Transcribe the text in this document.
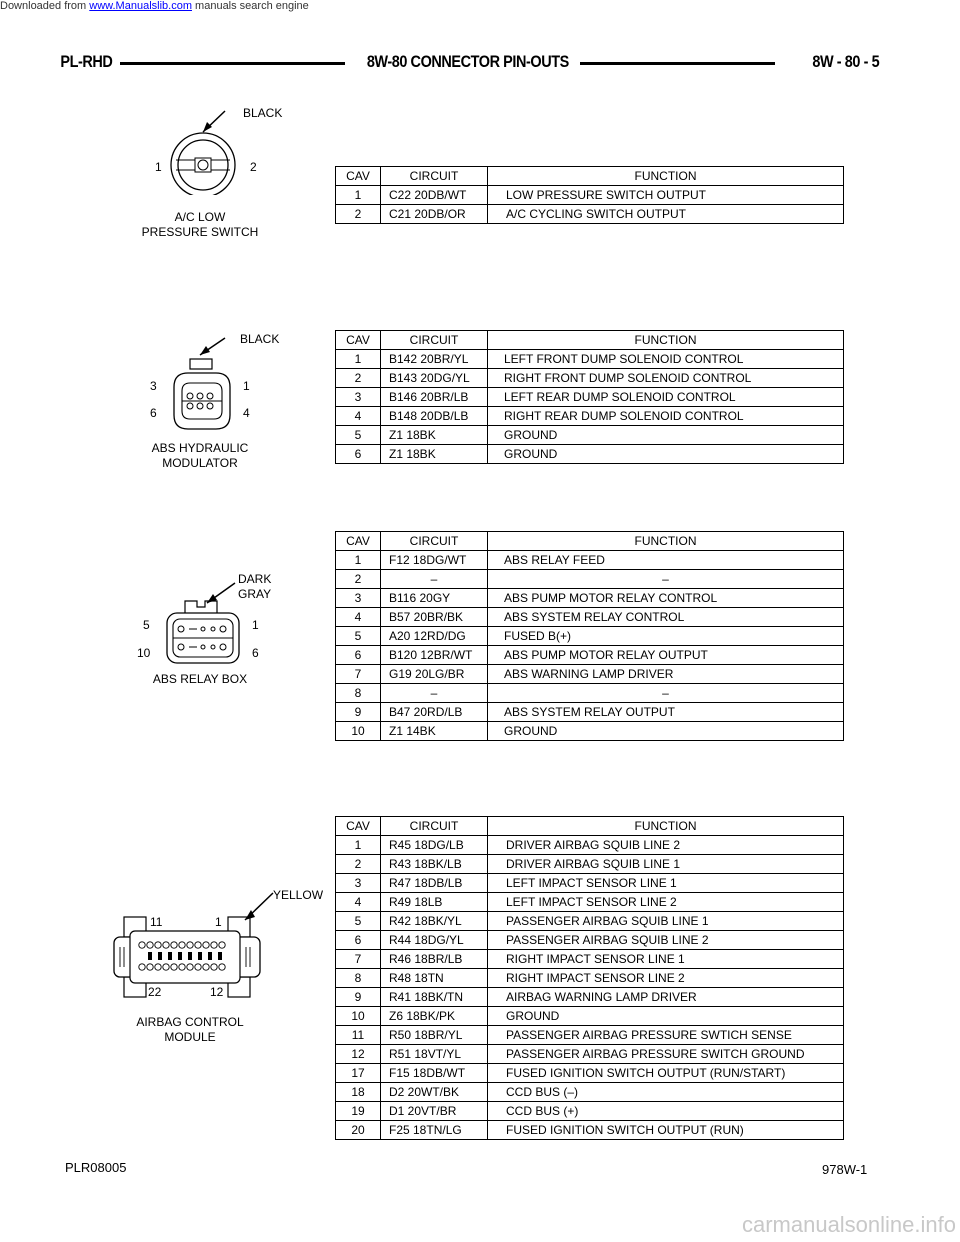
Downloaded from www.Manualslib.com manuals search engine
PL-RHD	8W-80 CONNECTOR PIN-OUTS	8W - 80 - 5
BLACK
1	2
A/C LOW
PRESSURE SWITCH
CAV	CIRCUIT	FUNCTION
1	C22 20DB/WT	LOW PRESSURE SWITCH OUTPUT
2	C21 20DB/OR	A/C CYCLING SWITCH OUTPUT
BLACK
3	1
6	4
ABS HYDRAULIC
MODULATOR
CAV	CIRCUIT	FUNCTION
1	B142 20BR/YL	LEFT FRONT DUMP SOLENOID CONTROL
2	B143 20DG/YL	RIGHT FRONT DUMP SOLENOID CONTROL
3	B146 20BR/LB	LEFT REAR DUMP SOLENOID CONTROL
4	B148 20DB/LB	RIGHT REAR DUMP SOLENOID CONTROL
5	Z1 18BK	GROUND
6	Z1 18BK	GROUND
DARK
GRAY
5	1
10	6
ABS RELAY BOX
CAV	CIRCUIT	FUNCTION
1	F12 18DG/WT	ABS RELAY FEED
2	–	–
3	B116 20GY	ABS PUMP MOTOR RELAY CONTROL
4	B57 20BR/BK	ABS SYSTEM RELAY CONTROL
5	A20 12RD/DG	FUSED B(+)
6	B120 12BR/WT	ABS PUMP MOTOR RELAY OUTPUT
7	G19 20LG/BR	ABS WARNING LAMP DRIVER
8	–	–
9	B47 20RD/LB	ABS SYSTEM RELAY OUTPUT
10	Z1 14BK	GROUND
YELLOW
11	1
22	12
AIRBAG CONTROL
MODULE
CAV	CIRCUIT	FUNCTION
1	R45 18DG/LB	DRIVER AIRBAG SQUIB LINE 2
2	R43 18BK/LB	DRIVER AIRBAG SQUIB LINE 1
3	R47 18DB/LB	LEFT IMPACT SENSOR LINE 1
4	R49 18LB	LEFT IMPACT SENSOR LINE 2
5	R42 18BK/YL	PASSENGER AIRBAG SQUIB LINE 1
6	R44 18DG/YL	PASSENGER AIRBAG SQUIB LINE 2
7	R46 18BR/LB	RIGHT IMPACT SENSOR LINE 1
8	R48 18TN	RIGHT IMPACT SENSOR LINE 2
9	R41 18BK/TN	AIRBAG WARNING LAMP DRIVER
10	Z6 18BK/PK	GROUND
11	R50 18BR/YL	PASSENGER AIRBAG PRESSURE SWTICH SENSE
12	R51 18VT/YL	PASSENGER AIRBAG PRESSURE SWITCH GROUND
17	F15 18DB/WT	FUSED IGNITION SWITCH OUTPUT (RUN/START)
18	D2 20WT/BK	CCD BUS (–)
19	D1 20VT/BR	CCD BUS (+)
20	F25 18TN/LG	FUSED IGNITION SWITCH OUTPUT (RUN)
PLR08005	978W-1
carmanualsonline.info
